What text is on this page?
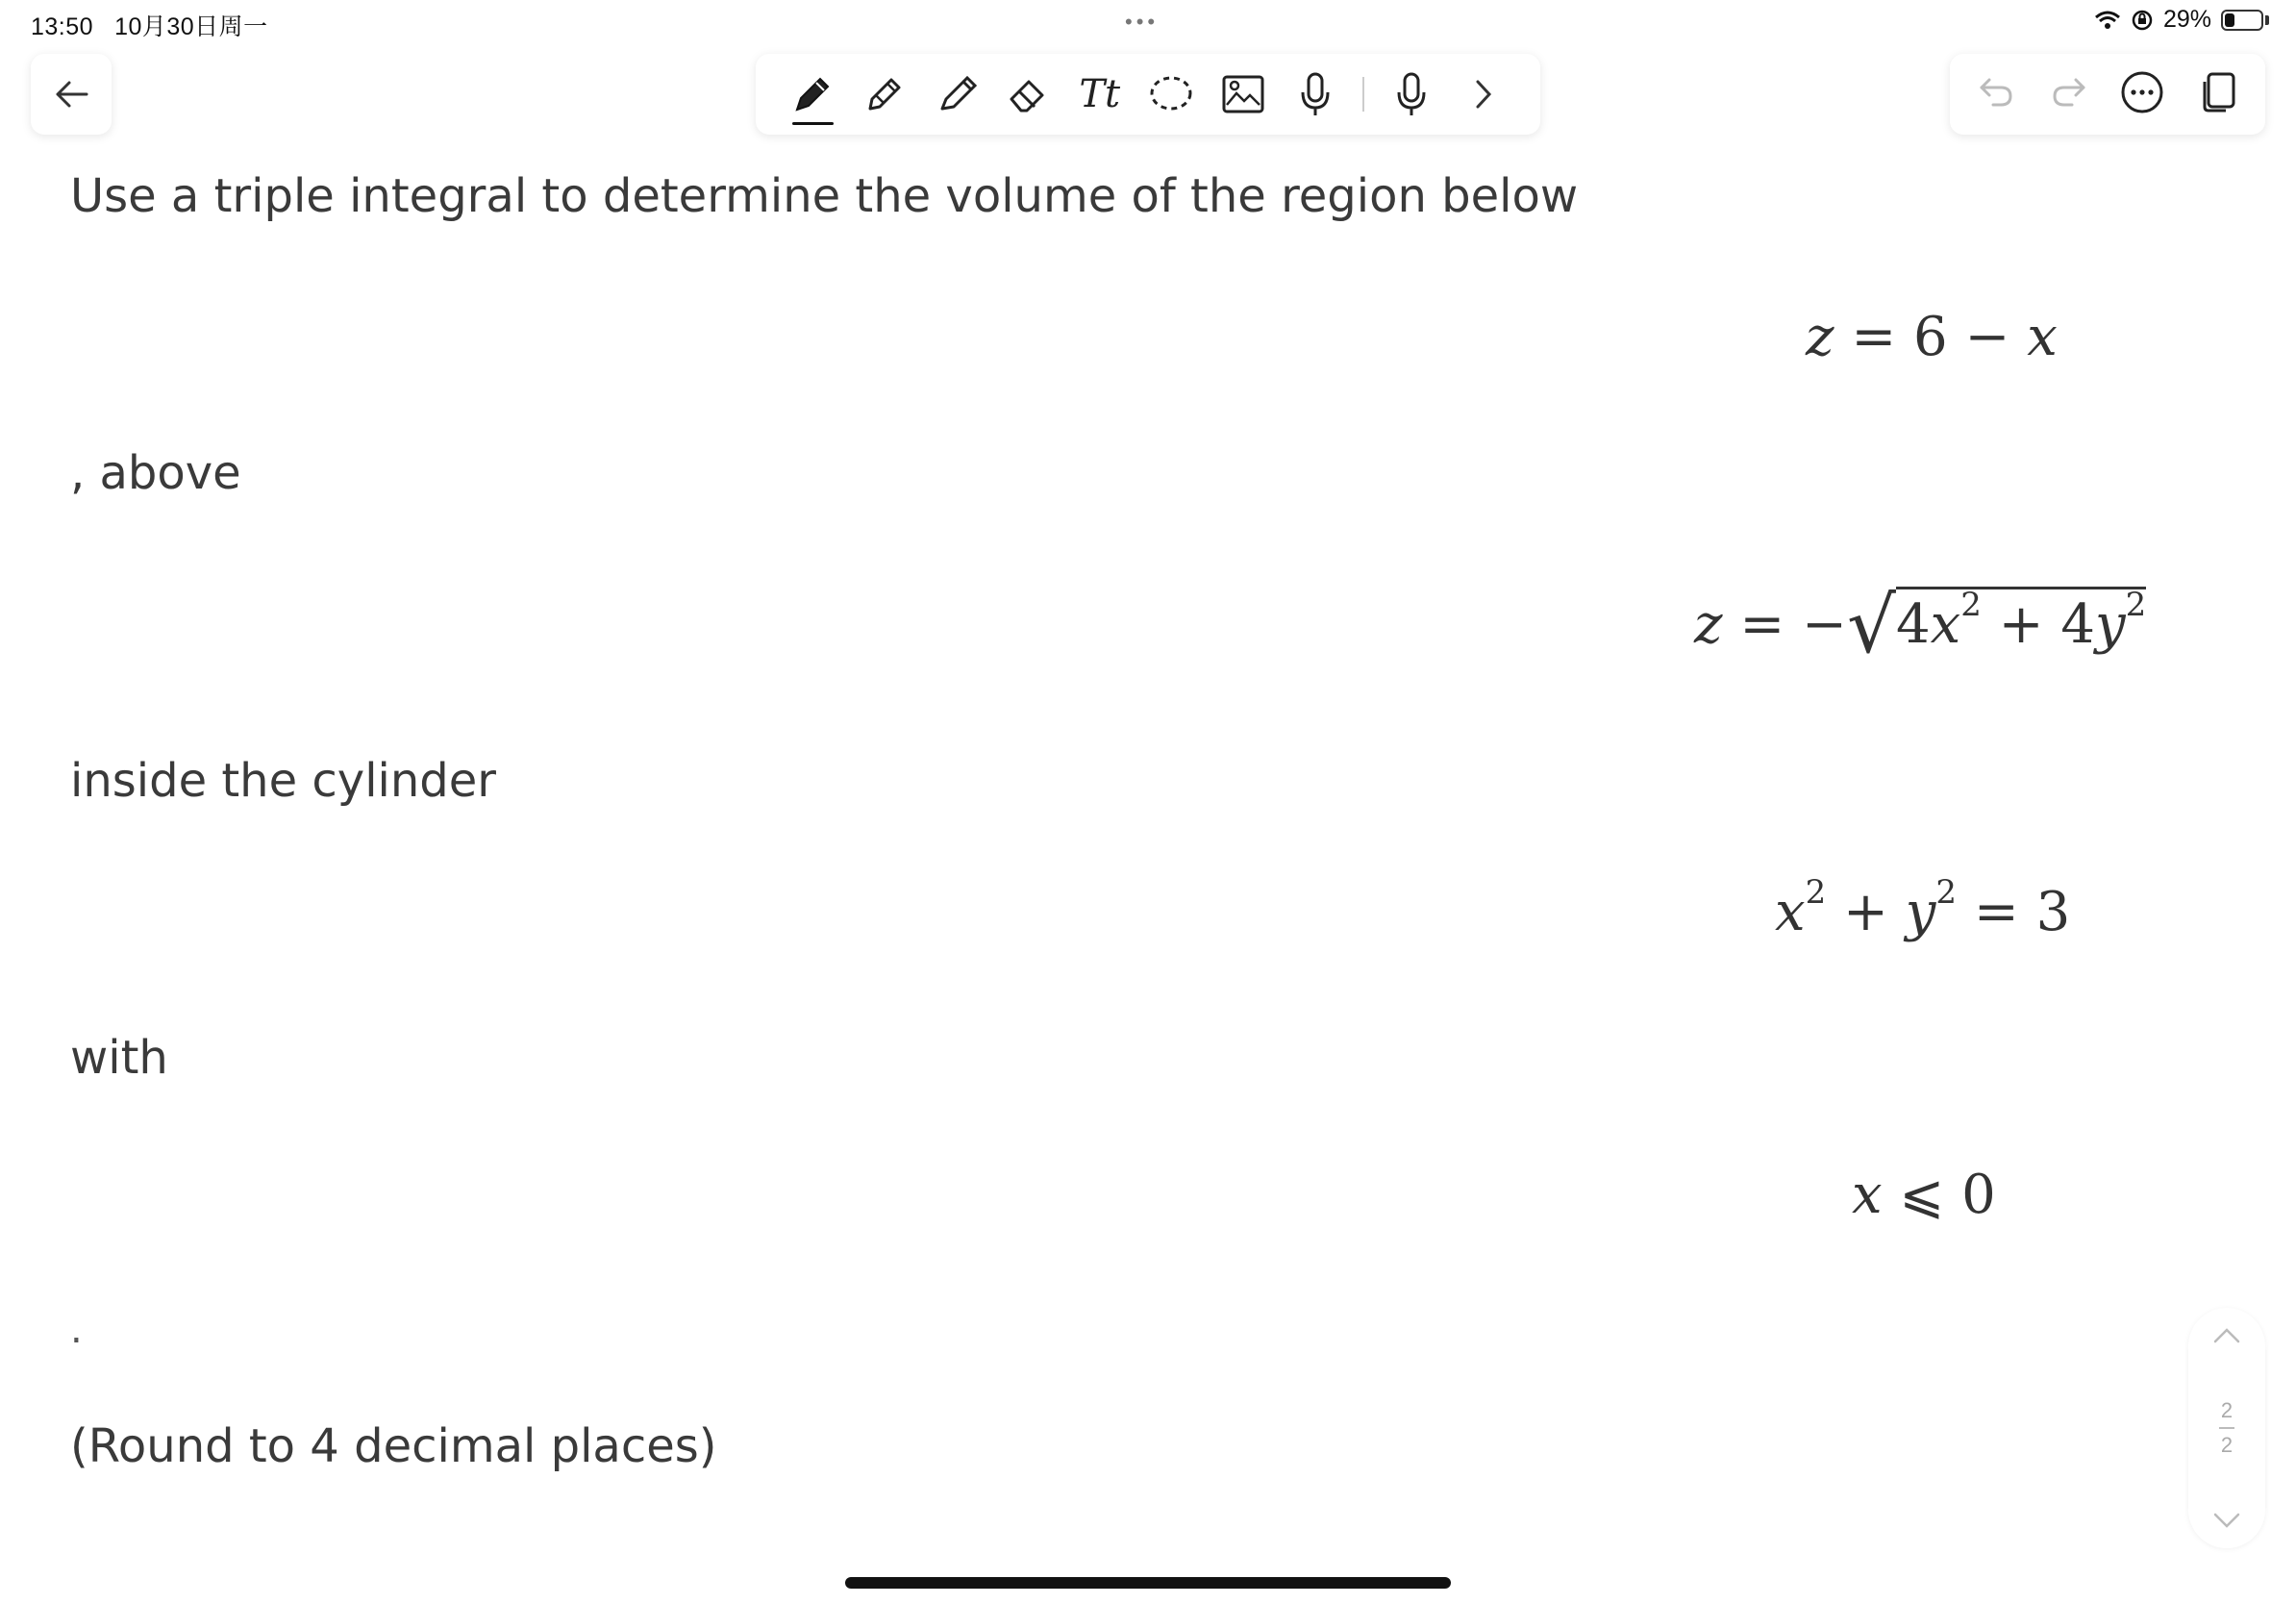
13:50 10月30日周一	•••	29%
Tt
Use a triple integral to determine the volume of the region below
z = 6 − x
, above
$z = -√4x^2 + 4y^2$
inside the cylinder
$x^2 + y^2 = 3$
with
x ⩽ 0
.
(Round to 4 decimal places)
2
2
